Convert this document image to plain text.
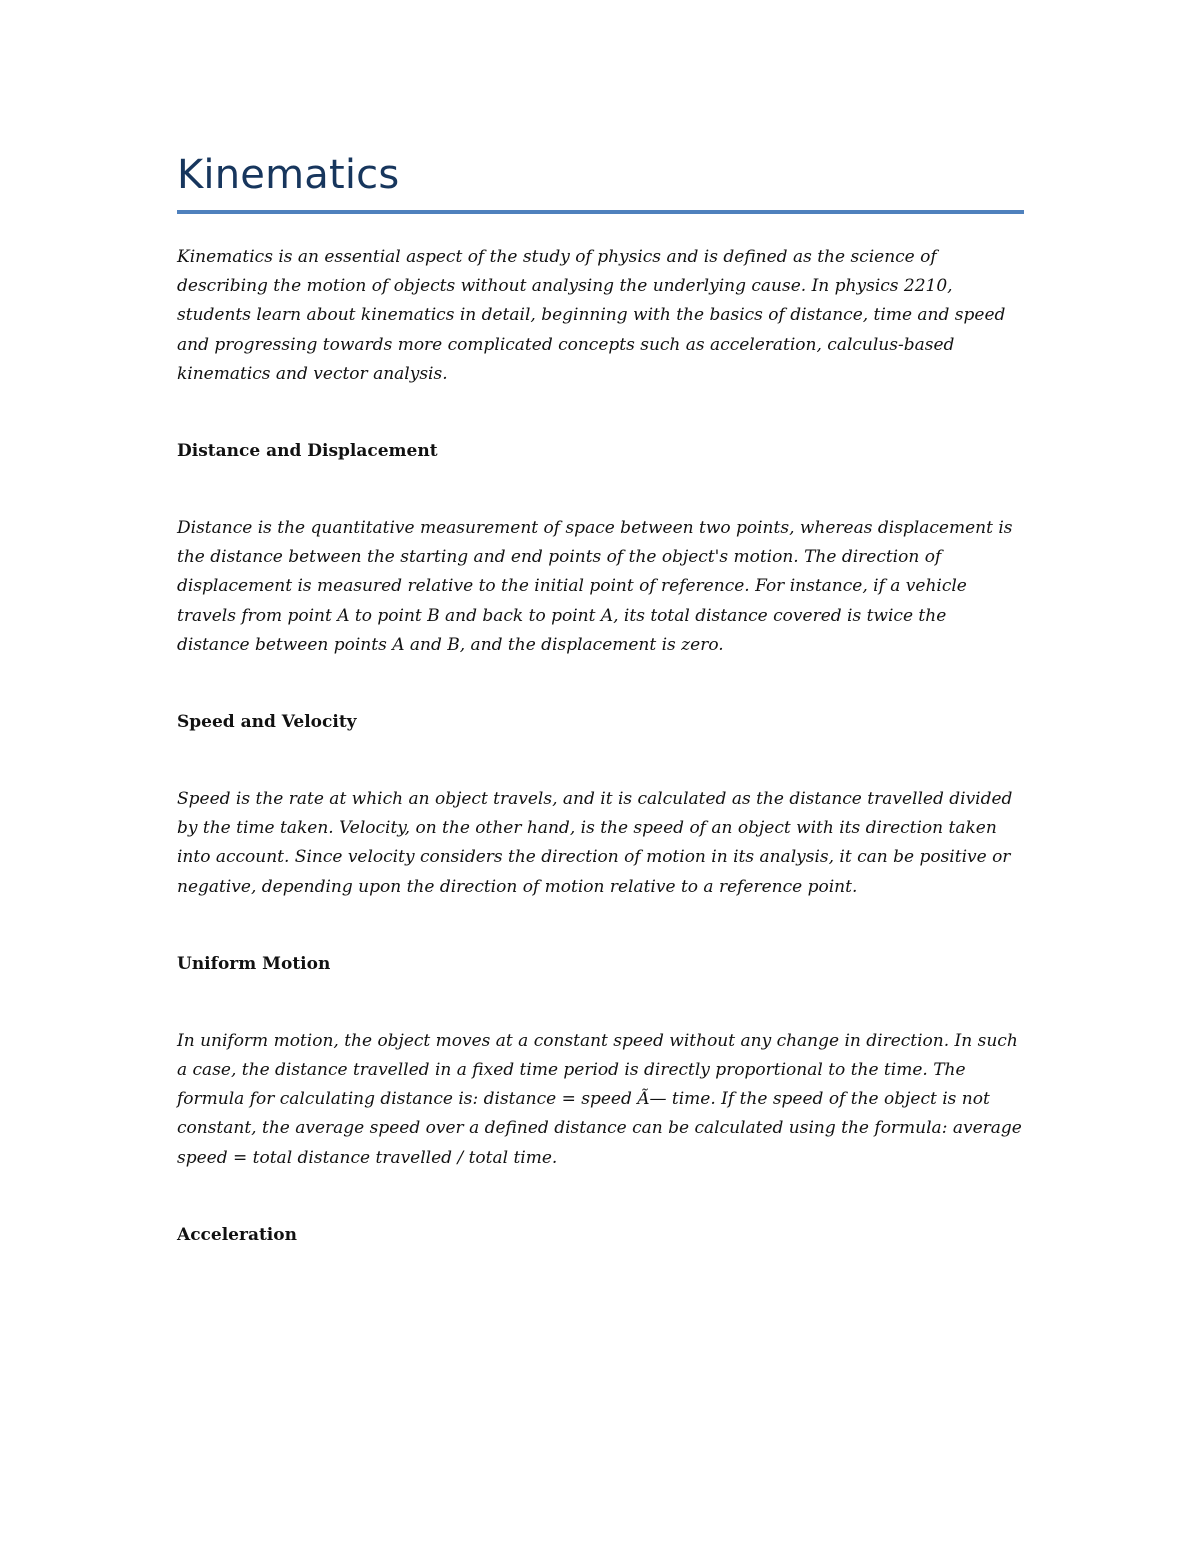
Kinematics

Kinematics is an essential aspect of the study of physics and is defined as the science of describing the motion of objects without analysing the underlying cause. In physics 2210, students learn about kinematics in detail, beginning with the basics of distance, time and speed and progressing towards more complicated concepts such as acceleration, calculus-based kinematics and vector analysis.

Distance and Displacement

Distance is the quantitative measurement of space between two points, whereas displacement is the distance between the starting and end points of the object's motion. The direction of displacement is measured relative to the initial point of reference. For instance, if a vehicle travels from point A to point B and back to point A, its total distance covered is twice the distance between points A and B, and the displacement is zero.

Speed and Velocity

Speed is the rate at which an object travels, and it is calculated as the distance travelled divided by the time taken. Velocity, on the other hand, is the speed of an object with its direction taken into account. Since velocity considers the direction of motion in its analysis, it can be positive or negative, depending upon the direction of motion relative to a reference point.

Uniform Motion

In uniform motion, the object moves at a constant speed without any change in direction. In such a case, the distance travelled in a fixed time period is directly proportional to the time. The formula for calculating distance is: distance = speed Ã— time. If the speed of the object is not constant, the average speed over a defined distance can be calculated using the formula: average speed = total distance travelled / total time.

Acceleration
